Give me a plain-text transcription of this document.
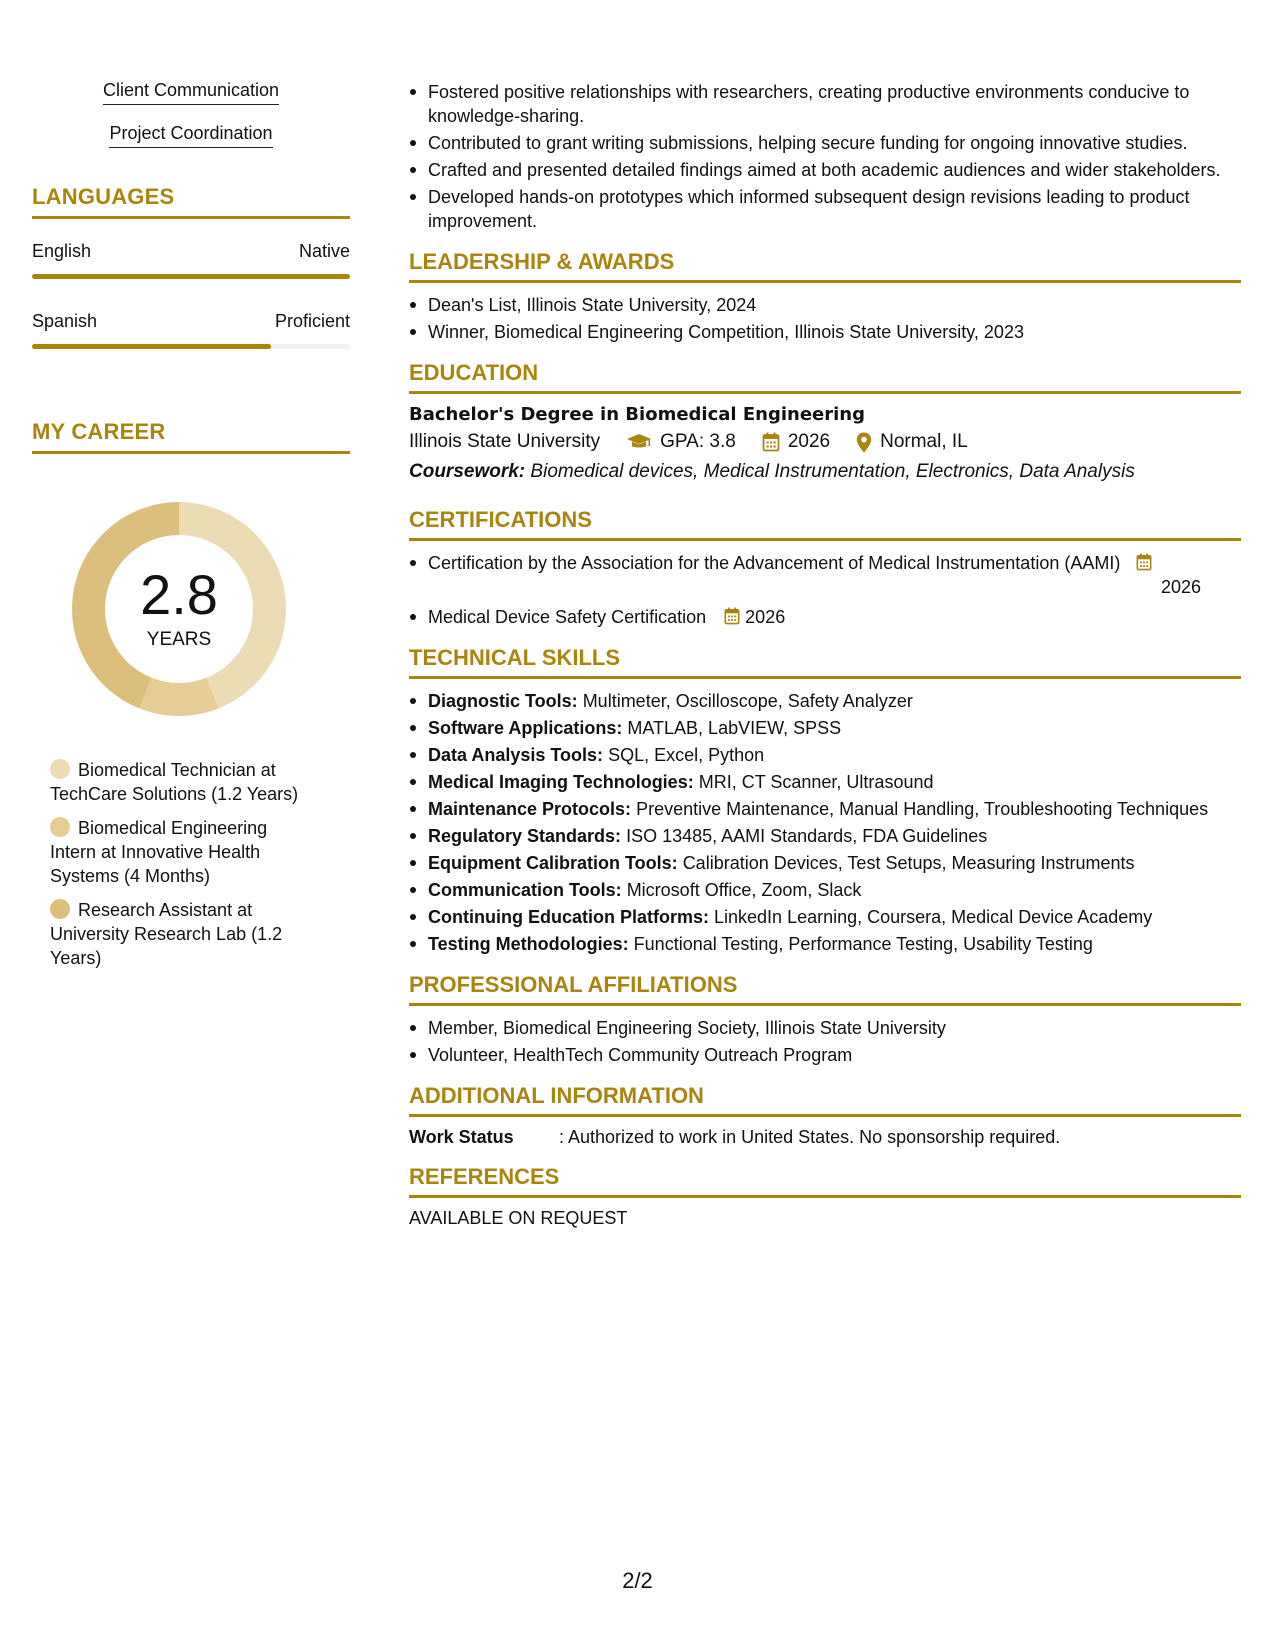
Client Communication
Project Coordination
LANGUAGES
English	Native
Spanish	Proficient
MY CAREER
2.8
YEARS
Biomedical Technician at TechCare Solutions (1.2 Years)
Biomedical Engineering Intern at Innovative Health Systems (4 Months)
Research Assistant at University Research Lab (1.2 Years)
Fostered positive relationships with researchers, creating productive environments conducive to knowledge-sharing.
Contributed to grant writing submissions, helping secure funding for ongoing innovative studies.
Crafted and presented detailed findings aimed at both academic audiences and wider stakeholders.
Developed hands-on prototypes which informed subsequent design revisions leading to product improvement.
LEADERSHIP & AWARDS
Dean's List, Illinois State University, 2024
Winner, Biomedical Engineering Competition, Illinois State University, 2023
EDUCATION
Bachelor's Degree in Biomedical Engineering
Illinois State University	GPA: 3.8	2026	Normal, IL
Coursework: Biomedical devices, Medical Instrumentation, Electronics, Data Analysis
CERTIFICATIONS
Certification by the Association for the Advancement of Medical Instrumentation (AAMI)
2026
Medical Device Safety Certification 2026
TECHNICAL SKILLS
Diagnostic Tools: Multimeter, Oscilloscope, Safety Analyzer
Software Applications: MATLAB, LabVIEW, SPSS
Data Analysis Tools: SQL, Excel, Python
Medical Imaging Technologies: MRI, CT Scanner, Ultrasound
Maintenance Protocols: Preventive Maintenance, Manual Handling, Troubleshooting Techniques
Regulatory Standards: ISO 13485, AAMI Standards, FDA Guidelines
Equipment Calibration Tools: Calibration Devices, Test Setups, Measuring Instruments
Communication Tools: Microsoft Office, Zoom, Slack
Continuing Education Platforms: LinkedIn Learning, Coursera, Medical Device Academy
Testing Methodologies: Functional Testing, Performance Testing, Usability Testing
PROFESSIONAL AFFILIATIONS
Member, Biomedical Engineering Society, Illinois State University
Volunteer, HealthTech Community Outreach Program
ADDITIONAL INFORMATION
Work Status	: Authorized to work in United States. No sponsorship required.
REFERENCES
AVAILABLE ON REQUEST
2/2
